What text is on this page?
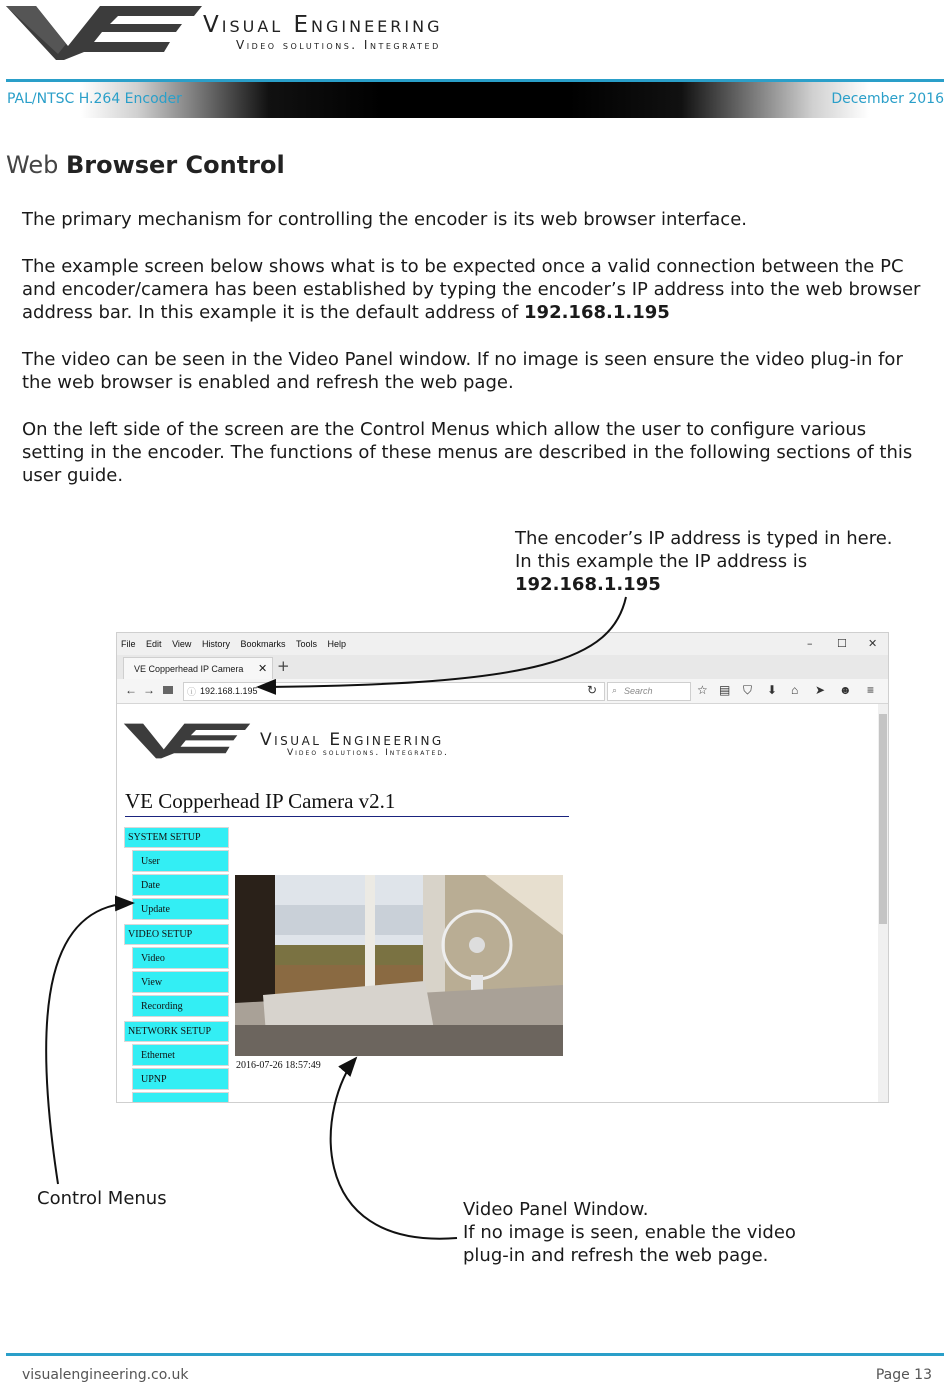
Visual Engineering
Video solutions. Integrated
PAL/NTSC H.264 Encoder	December 2016
Web Browser Control
The primary mechanism for controlling the encoder is its web browser interface.
The example screen below shows what is to be expected once a valid connection between the PC and encoder/camera has been established by typing the encoder’s IP address into the web browser address bar. In this example it is the default address of 192.168.1.195
The video can be seen in the Video Panel window. If no image is seen ensure the video plug-in for the web browser is enabled and refresh the web page.
On the left side of the screen are the Control Menus which allow the user to configure various setting in the encoder. The functions of these menus are described in the following sections of this user guide.
The encoder’s IP address is typed in here.
In this example the IP address is
192.168.1.195
File Edit View History Bookmarks Tools Help	– ☐ ✕
VE Copperhead IP Camera ✕ +
← →	ⓘ 192.168.1.195	↻ ⌕ Search	☆ ▤ ⛉ ⬇ ⌂ ➤ ☻ ≡
Visual Engineering
Video solutions. Integrated.
VE Copperhead IP Camera v2.1
SYSTEM SETUP
User
Date
Update
VIDEO SETUP
Video
View
Recording
NETWORK SETUP
Ethernet
UPNP
2016-07-26 18:57:49
Control Menus
Video Panel Window.
If no image is seen, enable the video
plug-in and refresh the web page.
visualengineering.co.uk	Page 13
